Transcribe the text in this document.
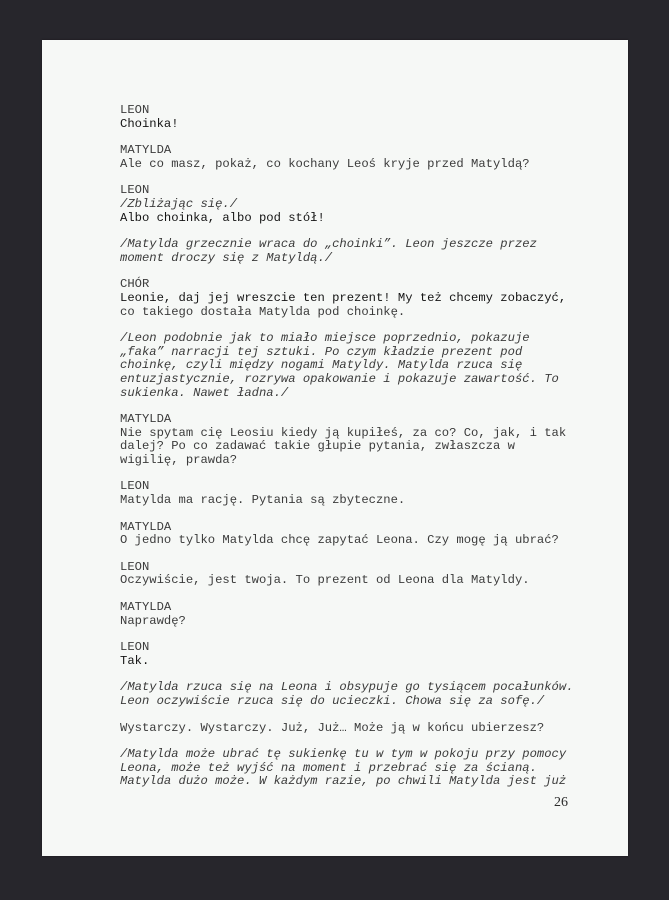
LEON
Choinka!
MATYLDA
Ale co masz, pokaż, co kochany Leoś kryje przed Matyldą?
LEON
/Zbliżając się./
Albo choinka, albo pod stół!
/Matylda grzecznie wraca do „choinki”. Leon jeszcze przez
moment droczy się z Matyldą./
CHÓR
Leonie, daj jej wreszcie ten prezent! My też chcemy zobaczyć,
co takiego dostała Matylda pod choinkę.
/Leon podobnie jak to miało miejsce poprzednio, pokazuje
„faka” narracji tej sztuki. Po czym kładzie prezent pod
choinkę, czyli między nogami Matyldy. Matylda rzuca się
entuzjastycznie, rozrywa opakowanie i pokazuje zawartość. To
sukienka. Nawet ładna./
MATYLDA
Nie spytam cię Leosiu kiedy ją kupiłeś, za co? Co, jak, i tak
dalej? Po co zadawać takie głupie pytania, zwłaszcza w
wigilię, prawda?
LEON
Matylda ma rację. Pytania są zbyteczne.
MATYLDA
O jedno tylko Matylda chcę zapytać Leona. Czy mogę ją ubrać?
LEON
Oczywiście, jest twoja. To prezent od Leona dla Matyldy.
MATYLDA
Naprawdę?
LEON
Tak.
/Matylda rzuca się na Leona i obsypuje go tysiącem pocałunków.
Leon oczywiście rzuca się do ucieczki. Chowa się za sofę./
Wystarczy. Wystarczy. Już, Już… Może ją w końcu ubierzesz?
/Matylda może ubrać tę sukienkę tu w tym w pokoju przy pomocy
Leona, może też wyjść na moment i przebrać się za ścianą.
Matylda dużo może. W każdym razie, po chwili Matylda jest już
26
